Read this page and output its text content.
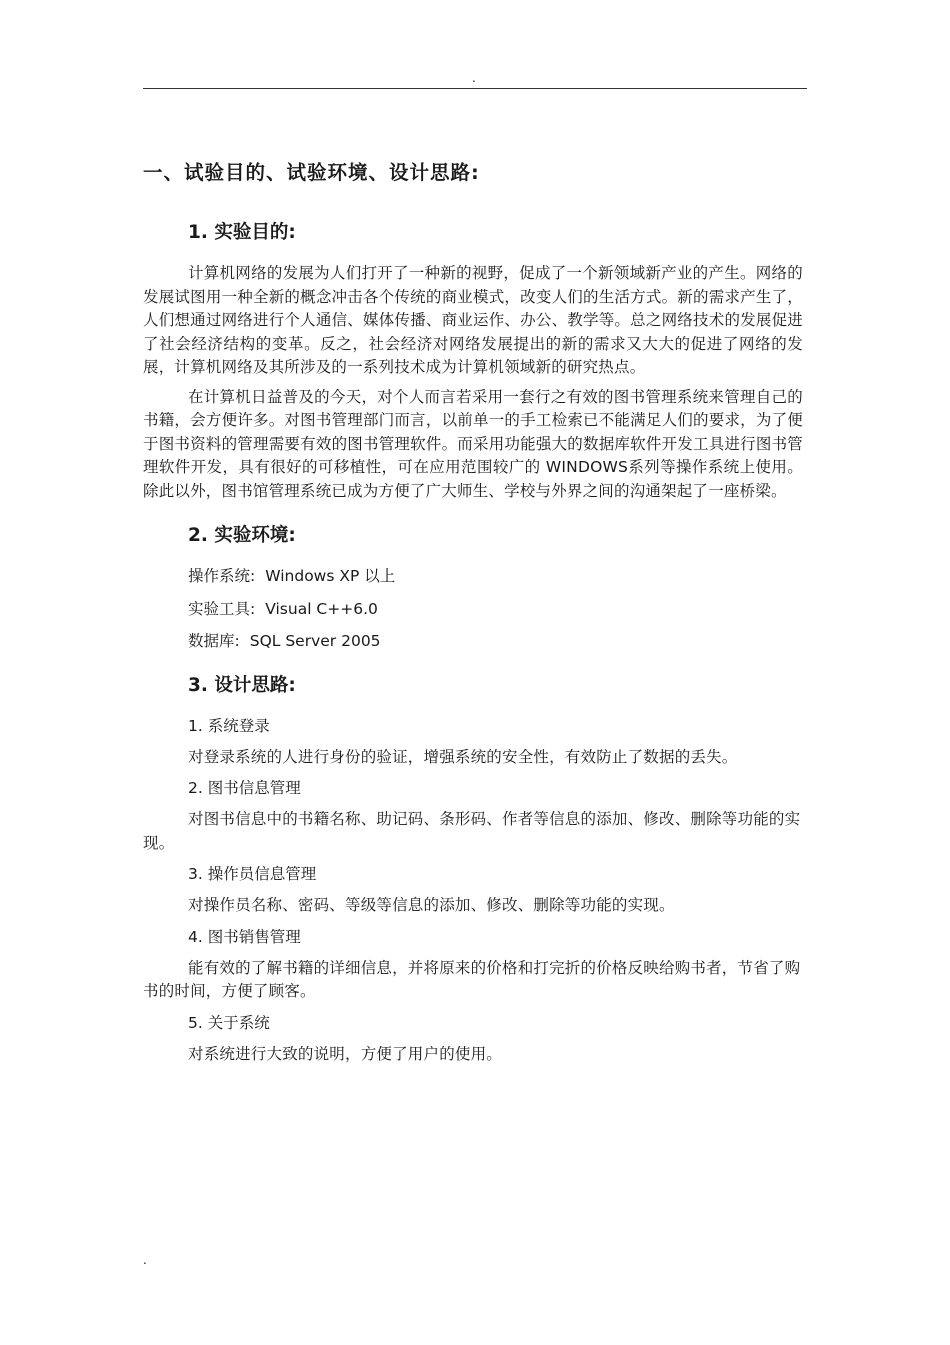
.
一、试验目的、试验环境、设计思路:
1. 实验目的:

计算机网络的发展为人们打开了一种新的视野，促成了一个新领域新产业的产生。网络的发展试图用一种全新的概念冲击各个传统的商业模式，改变人们的生活方式。新的需求产生了，人们想通过网络进行个人通信、媒体传播、商业运作、办公、教学等。总之网络技术的发展促进了社会经济结构的变革。反之，社会经济对网络发展提出的新的需求又大大的促进了网络的发展，计算机网络及其所涉及的一系列技术成为计算机领域新的研究热点。

在计算机日益普及的今天，对个人而言若采用一套行之有效的图书管理系统来管理自己的书籍，会方便许多。对图书管理部门而言，以前单一的手工检索已不能满足人们的要求，为了便于图书资料的管理需要有效的图书管理软件。而采用功能强大的数据库软件开发工具进行图书管理软件开发，具有很好的可移植性，可在应用范围较广的 WINDOWS系列等操作系统上使用。除此以外，图书馆管理系统已成为方便了广大师生、学校与外界之间的沟通架起了一座桥梁。

2. 实验环境:
操作系统: Windows XP 以上
实验工具: Visual C++6.0
数据库: SQL Server 2005
3. 设计思路:
1. 系统登录

对登录系统的人进行身份的验证，增强系统的安全性，有效防止了数据的丢失。

2. 图书信息管理

对图书信息中的书籍名称、助记码、条形码、作者等信息的添加、修改、删除等功能的实现。

3. 操作员信息管理

对操作员名称、密码、等级等信息的添加、修改、删除等功能的实现。

4. 图书销售管理

能有效的了解书籍的详细信息，并将原来的价格和打完折的价格反映给购书者，节省了购书的时间，方便了顾客。

5. 关于系统

对系统进行大致的说明，方便了用户的使用。

.
